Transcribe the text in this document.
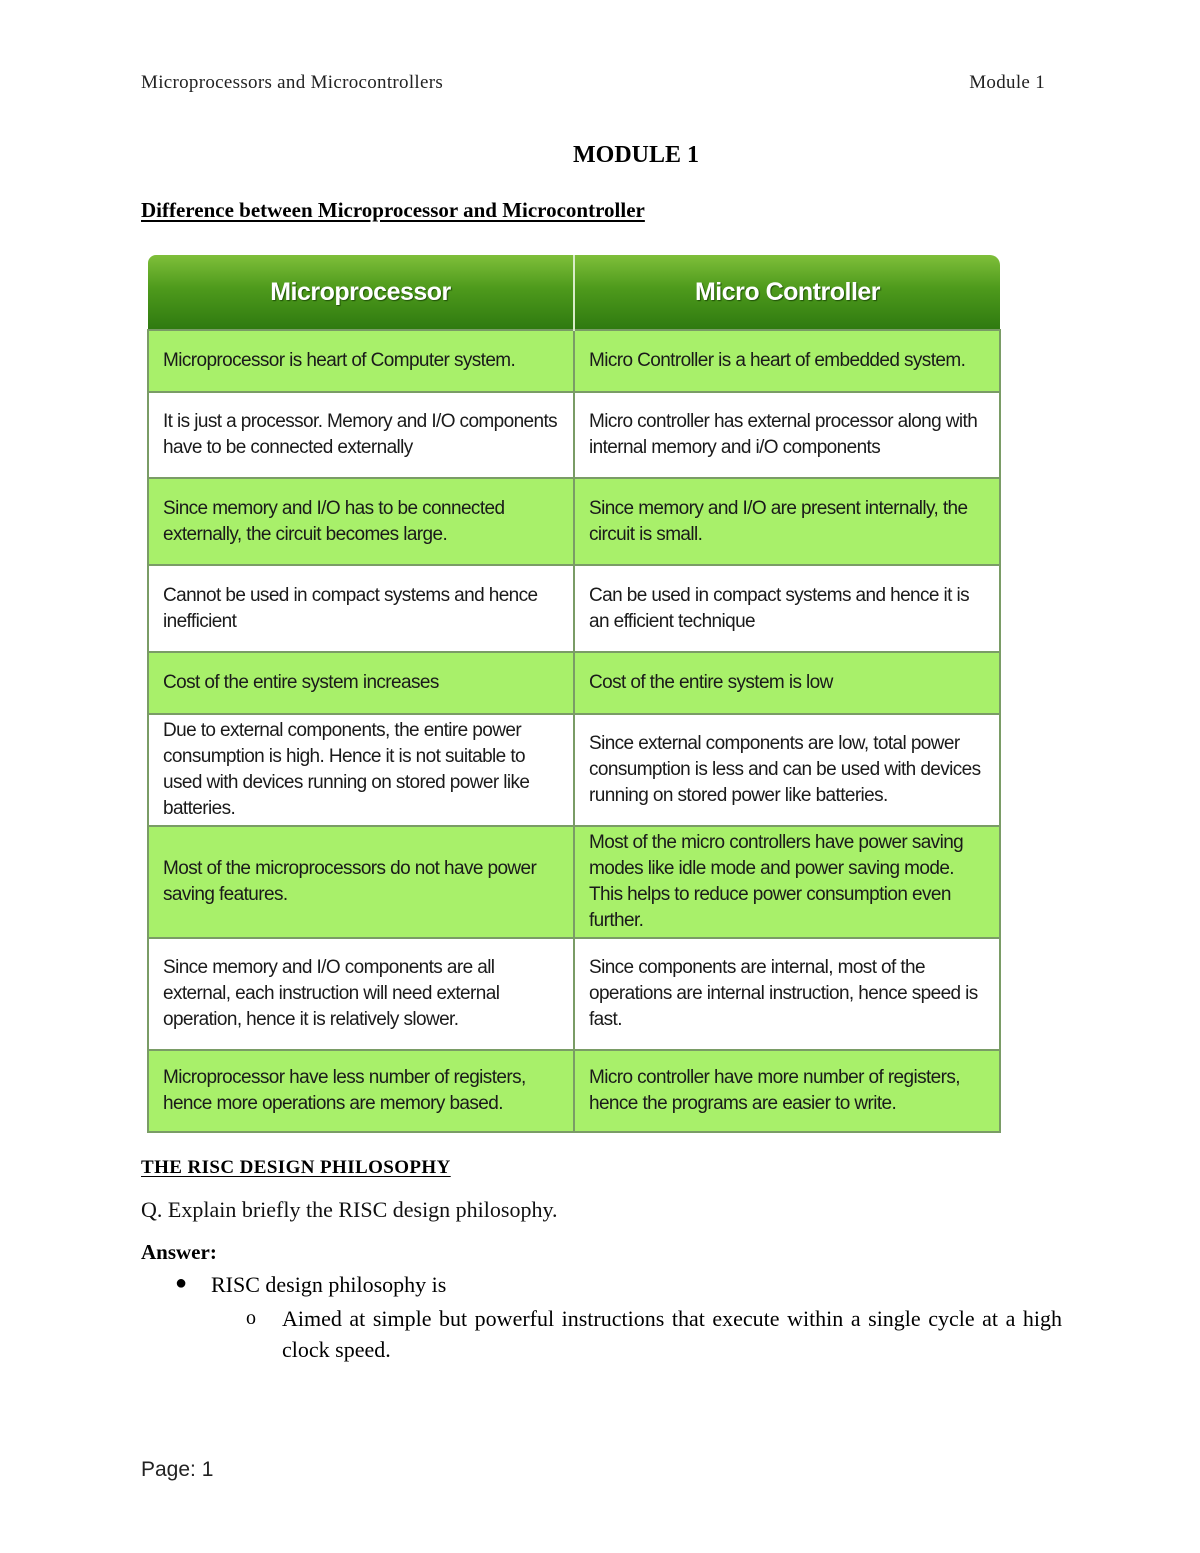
Microprocessors and Microcontrollers	Module 1
MODULE 1
Difference between Microprocessor and Microcontroller
Microprocessor	Micro Controller
Microprocessor is heart of Computer system.	Micro Controller is a heart of embedded system.
It is just a processor. Memory and I/O components have to be connected externally	Micro controller has external processor along with internal memory and i/O components
Since memory and I/O has to be connected externally, the circuit becomes large.	Since memory and I/O are present internally, the circuit is small.
Cannot be used in compact systems and hence inefficient	Can be used in compact systems and hence it is an efficient technique
Cost of the entire system increases	Cost of the entire system is low
Due to external components, the entire power consumption is high. Hence it is not suitable to used with devices running on stored power like batteries.	Since external components are low, total power consumption is less and can be used with devices running on stored power like batteries.
Most of the microprocessors do not have power saving features.	Most of the micro controllers have power saving modes like idle mode and power saving mode. This helps to reduce power consumption even further.
Since memory and I/O components are all external, each instruction will need external operation, hence it is relatively slower.	Since components are internal, most of the operations are internal instruction, hence speed is fast.
Microprocessor have less number of registers, hence more operations are memory based.	Micro controller have more number of registers, hence the programs are easier to write.
THE RISC DESIGN PHILOSOPHY
Q. Explain briefly the RISC design philosophy.
Answer:
● RISC design philosophy is
o Aimed at simple but powerful instructions that execute within a single cycle at a high clock speed.
Page: 1
